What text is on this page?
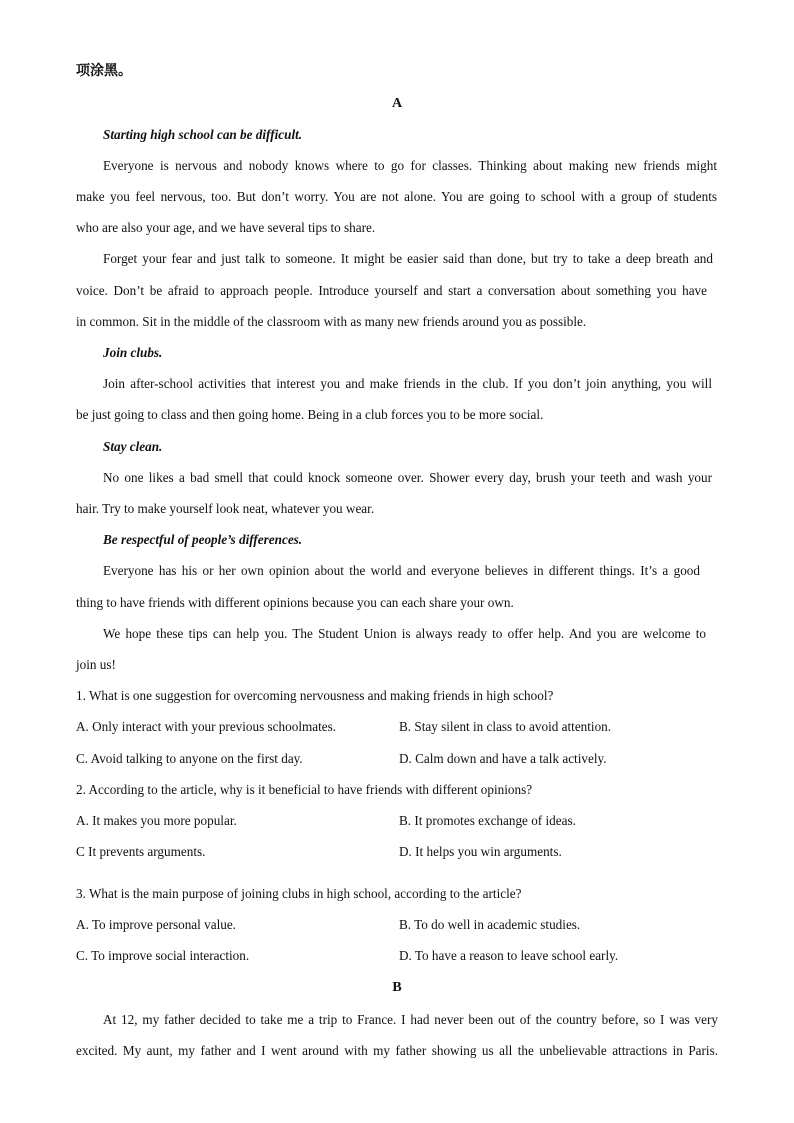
项涂黑。
A
Starting high school can be difficult.
Everyone is nervous and nobody knows where to go for classes. Thinking about making new friends might
make you feel nervous, too. But don’t worry. You are not alone. You are going to school with a group of students
who are also your age, and we have several tips to share.
Forget your fear and just talk to someone. It might be easier said than done, but try to take a deep breath and
voice. Don’t be afraid to approach people. Introduce yourself and start a conversation about something you have
in common. Sit in the middle of the classroom with as many new friends around you as possible.
Join clubs.
Join after-school activities that interest you and make friends in the club. If you don’t join anything, you will
be just going to class and then going home. Being in a club forces you to be more social.
Stay clean.
No one likes a bad smell that could knock someone over. Shower every day, brush your teeth and wash your
hair. Try to make yourself look neat, whatever you wear.
Be respectful of people’s differences.
Everyone has his or her own opinion about the world and everyone believes in different things. It’s a good
thing to have friends with different opinions because you can each share your own.
We hope these tips can help you. The Student Union is always ready to offer help. And you are welcome to
join us!
1. What is one suggestion for overcoming nervousness and making friends in high school?
A. Only interact with your previous schoolmates.	B. Stay silent in class to avoid attention.
C. Avoid talking to anyone on the first day.	D. Calm down and have a talk actively.
2. According to the article, why is it beneficial to have friends with different opinions?
A. It makes you more popular.	B. It promotes exchange of ideas.
C It prevents arguments.	D. It helps you win arguments.
3. What is the main purpose of joining clubs in high school, according to the article?
A. To improve personal value.	B. To do well in academic studies.
C. To improve social interaction.	D. To have a reason to leave school early.
B
At 12, my father decided to take me a trip to France. I had never been out of the country before, so I was very
excited. My aunt, my father and I went around with my father showing us all the unbelievable attractions in Paris.
